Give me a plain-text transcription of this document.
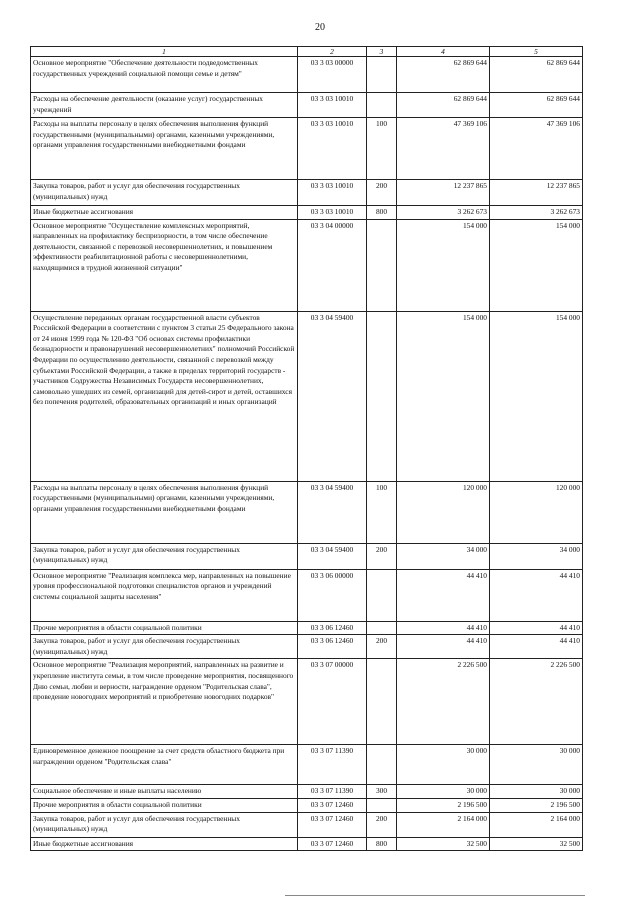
20
1	2	3	4	5
Основное мероприятие "Обеспечение деятельности подведомственных государственных учреждений социальной помощи семье и детям"	03 3 03 00000		62 869 644	62 869 644
Расходы на обеспечение деятельности (оказание услуг) государственных учреждений	03 3 03 10010		62 869 644	62 869 644
Расходы на выплаты персоналу в целях обеспечения выполнения функций государственными (муниципальными) органами, казенными учреждениями, органами управления государственными внебюджетными фондами	03 3 03 10010	100	47 369 106	47 369 106
Закупка товаров, работ и услуг для обеспечения государственных (муниципальных) нужд	03 3 03 10010	200	12 237 865	12 237 865
Иные бюджетные ассигнования	03 3 03 10010	800	3 262 673	3 262 673
Основное мероприятие "Осуществление комплексных мероприятий, направленных на профилактику беспризорности, в том числе обеспечение деятельности, связанной с перевозкой несовершеннолетних, и повышением эффективности реабилитационной работы с несовершеннолетними, находящимися в трудной жизненной ситуации"	03 3 04 00000		154 000	154 000
Осуществление переданных органам государственной власти субъектов Российской Федерации в соответствии с пунктом 3 статьи 25 Федерального закона от 24 июня 1999 года № 120-ФЗ "Об основах системы профилактики безнадзорности и правонарушений несовершеннолетних" полномочий Российской Федерации по осуществлению деятельности, связанной с перевозкой между субъектами Российской Федерации, а также в пределах территорий государств - участников Содружества Независимых Государств несовершеннолетних, самовольно ушедших из семей, организаций для детей-сирот и детей, оставшихся без попечения родителей, образовательных организаций и иных организаций	03 3 04 59400		154 000	154 000
Расходы на выплаты персоналу в целях обеспечения выполнения функций государственными (муниципальными) органами, казенными учреждениями, органами управления государственными внебюджетными фондами	03 3 04 59400	100	120 000	120 000
Закупка товаров, работ и услуг для обеспечения государственных (муниципальных) нужд	03 3 04 59400	200	34 000	34 000
Основное мероприятие "Реализация комплекса мер, направленных на повышение уровня профессиональной подготовки специалистов органов и учреждений системы социальной защиты населения"	03 3 06 00000		44 410	44 410
Прочие мероприятия в области социальной политики	03 3 06 12460		44 410	44 410
Закупка товаров, работ и услуг для обеспечения государственных (муниципальных) нужд	03 3 06 12460	200	44 410	44 410
Основное мероприятие "Реализация мероприятий, направленных на развитие и укрепление института семьи, в том числе проведение мероприятия, посвященного Дню семьи, любви и верности, награждение орденом "Родительская слава", проведение новогодних мероприятий и приобретение новогодних подарков"	03 3 07 00000		2 226 500	2 226 500
Единовременное денежное поощрение за счет средств областного бюджета при награждении орденом "Родительская слава"	03 3 07 11390		30 000	30 000
Социальное обеспечение и иные выплаты населению	03 3 07 11390	300	30 000	30 000
Прочие мероприятия в области социальной политики	03 3 07 12460		2 196 500	2 196 500
Закупка товаров, работ и услуг для обеспечения государственных (муниципальных) нужд	03 3 07 12460	200	2 164 000	2 164 000
Иные бюджетные ассигнования	03 3 07 12460	800	32 500	32 500
